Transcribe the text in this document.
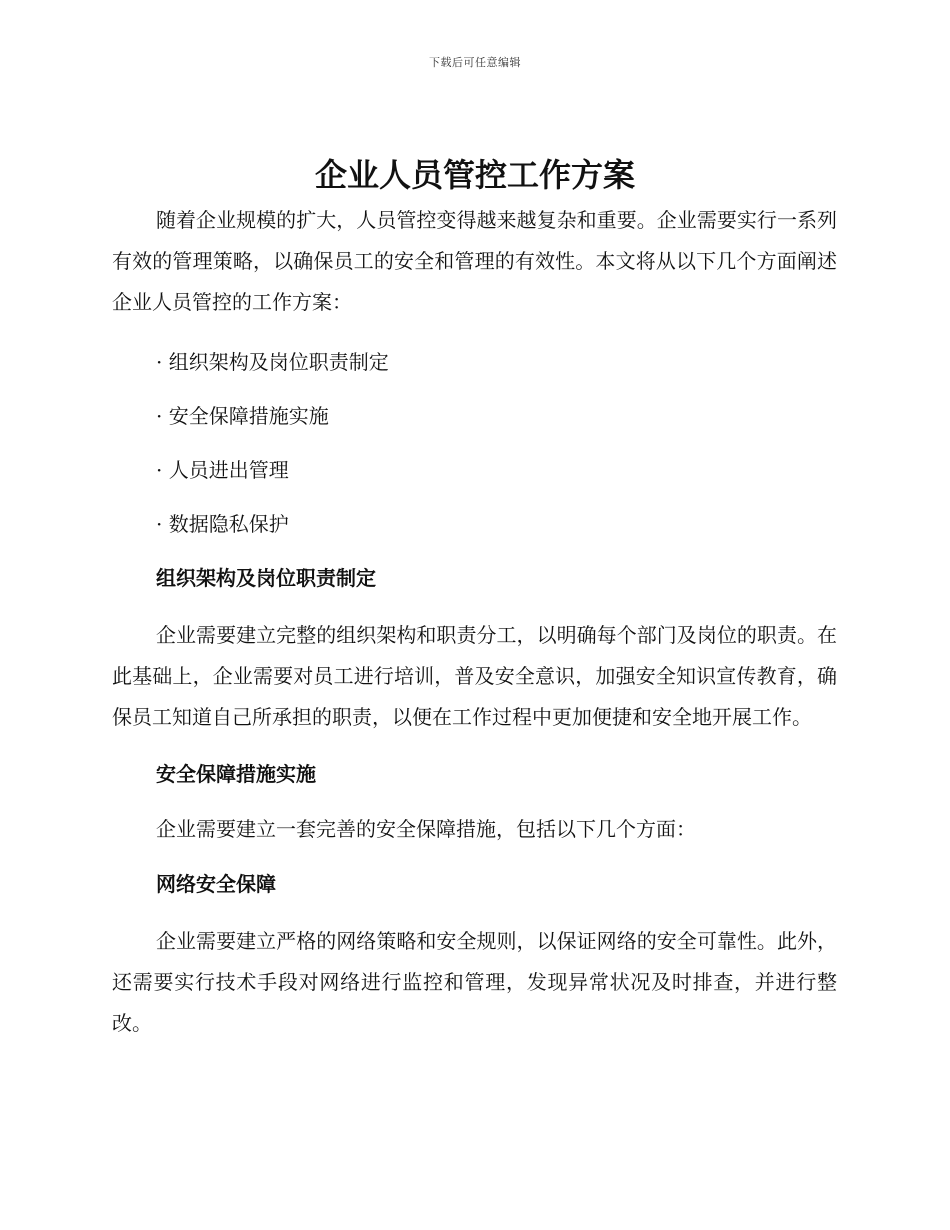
下载后可任意编辑
企业人员管控工作方案

随着企业规模的扩大，人员管控变得越来越复杂和重要。企业需要实行一系列有效的管理策略，以确保员工的安全和管理的有效性。本文将从以下几个方面阐述企业人员管控的工作方案：

· 组织架构及岗位职责制定
· 安全保障措施实施
· 人员进出管理
· 数据隐私保护
组织架构及岗位职责制定

企业需要建立完整的组织架构和职责分工，以明确每个部门及岗位的职责。在此基础上，企业需要对员工进行培训，普及安全意识，加强安全知识宣传教育，确保员工知道自己所承担的职责，以便在工作过程中更加便捷和安全地开展工作。

安全保障措施实施

企业需要建立一套完善的安全保障措施，包括以下几个方面：

网络安全保障

企业需要建立严格的网络策略和安全规则，以保证网络的安全可靠性。此外，还需要实行技术手段对网络进行监控和管理，发现异常状况及时排查，并进行整改。
